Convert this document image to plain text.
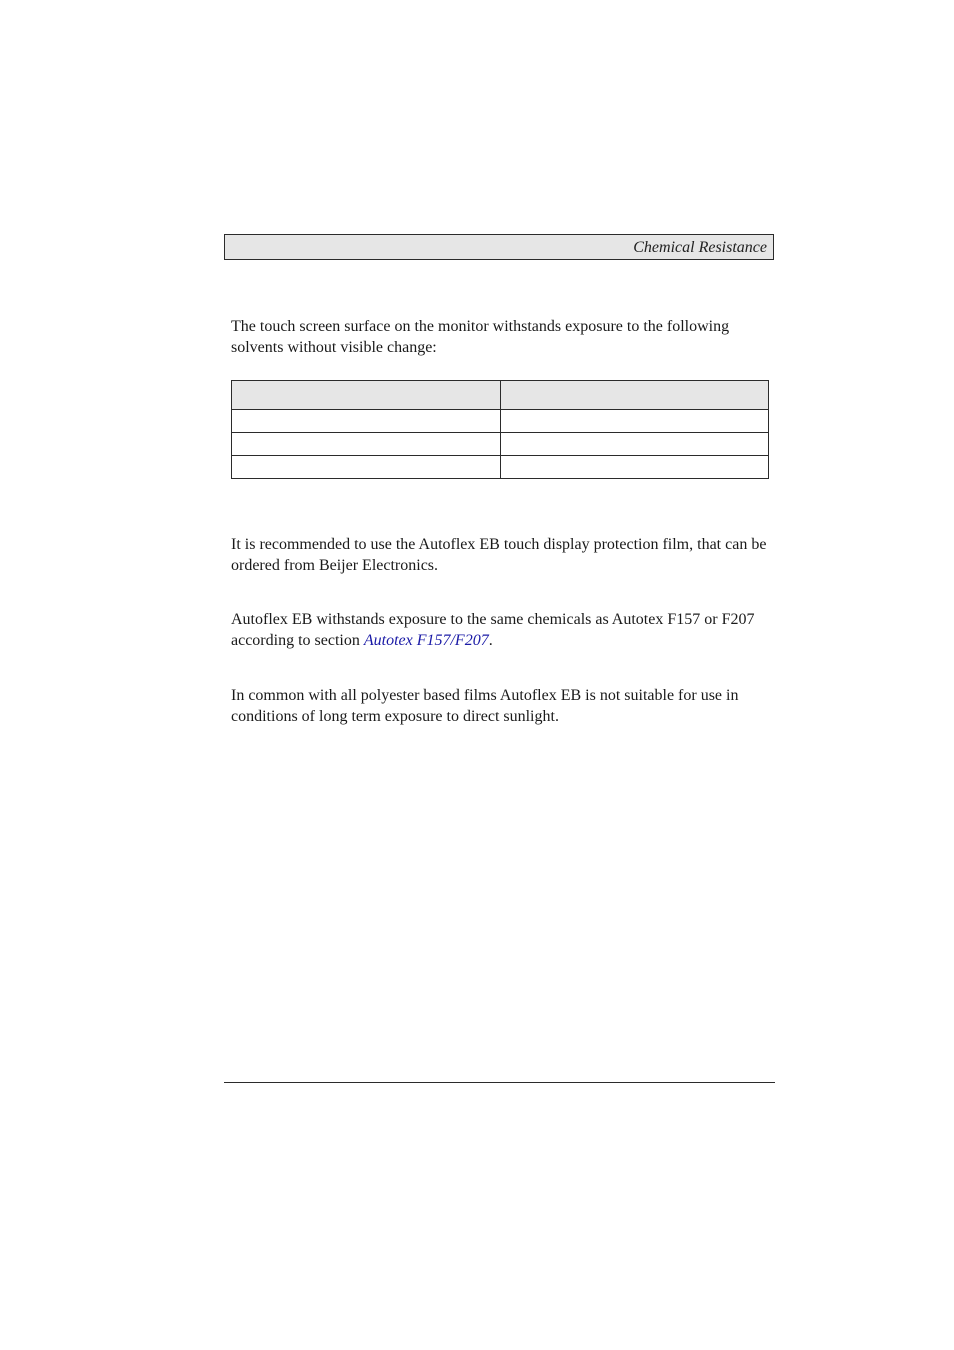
Chemical Resistance

The touch screen surface on the monitor withstands exposure to the following solvents without visible change:

It is recommended to use the Autoflex EB touch display protection film, that can be ordered from Beijer Electronics.

Autoflex EB withstands exposure to the same chemicals as Autotex F157 or F207 according to section Autotex F157/F207.

In common with all polyester based films Autoflex EB is not suitable for use in conditions of long term exposure to direct sunlight.
